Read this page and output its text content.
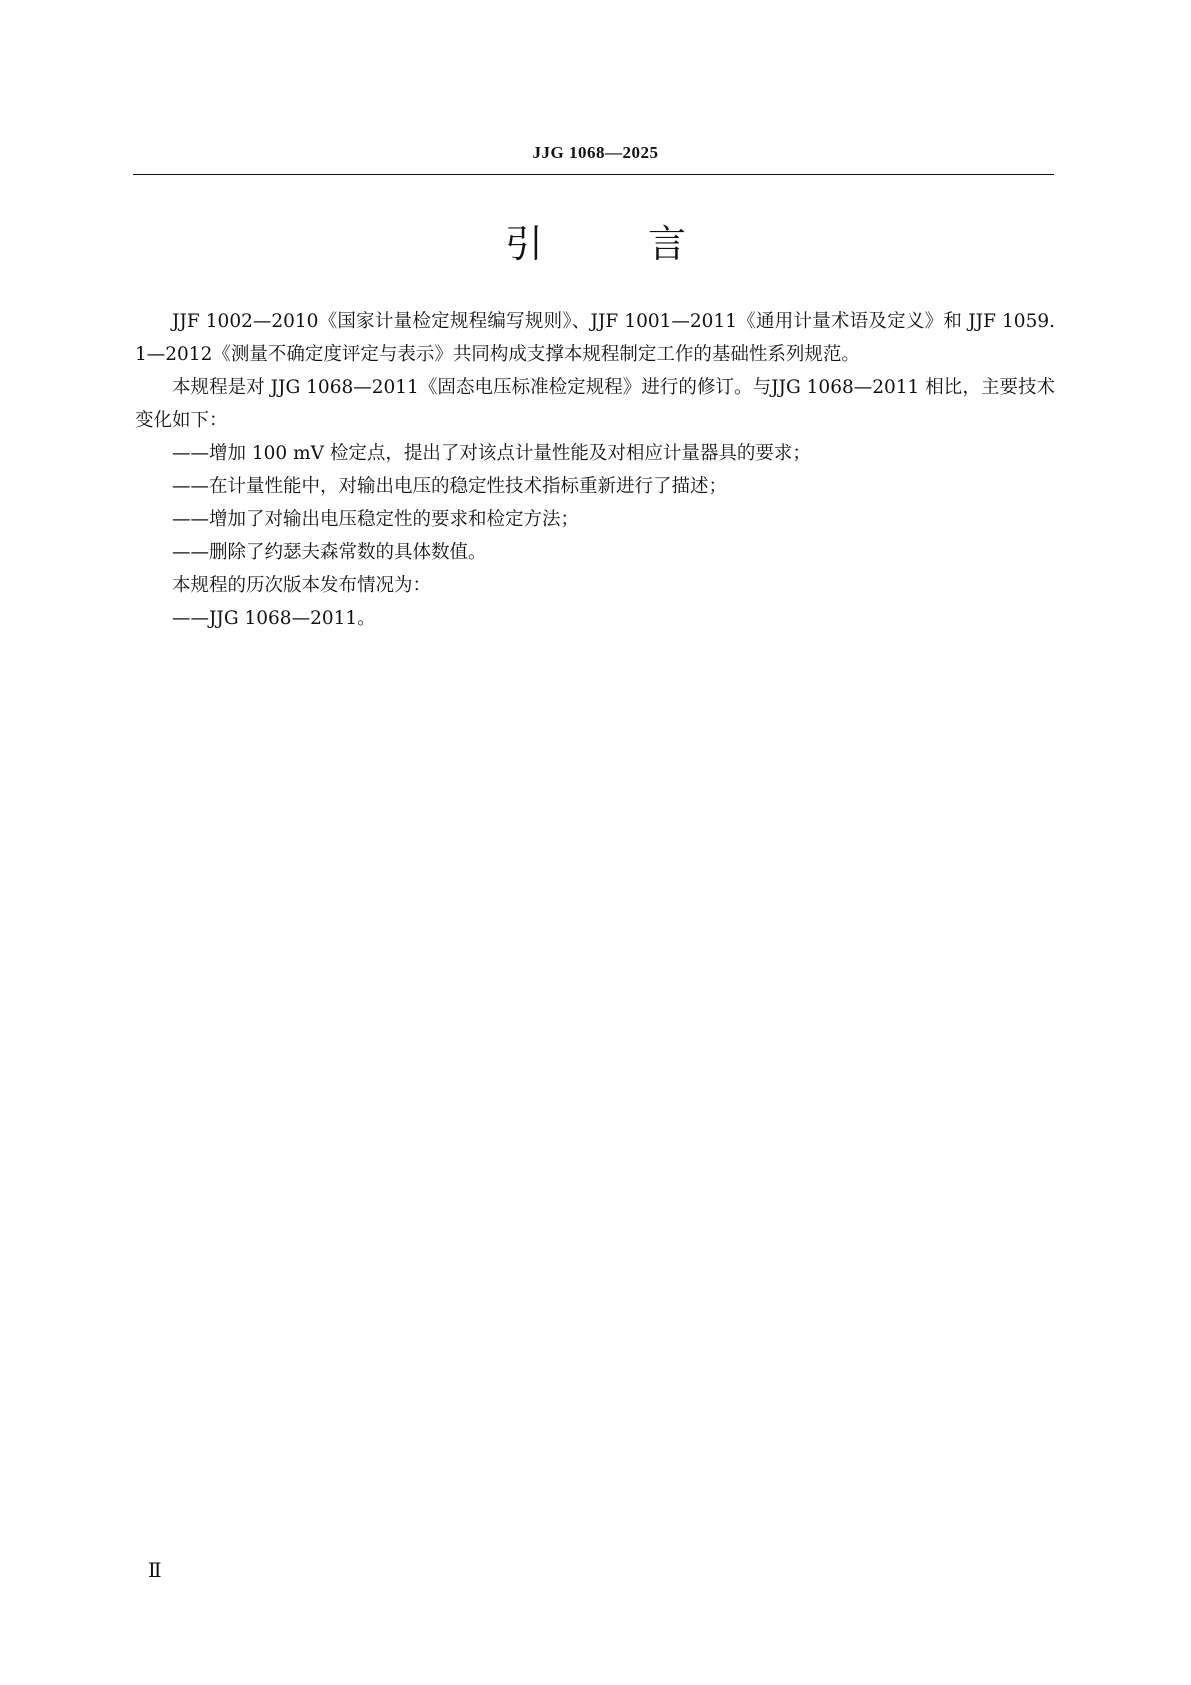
JJG 1068—2025
引	言

JJF 1002—2010《国家计量检定规程编写规则》、JJF 1001—2011《通用计量术语及定义》和 JJF 1059.1—2012《测量不确定度评定与表示》共同构成支撑本规程制定工作的基础性系列规范。

本规程是对 JJG 1068—2011《固态电压标准检定规程》进行的修订。与JJG 1068—2011 相比，主要技术变化如下：

——增加 100 mV 检定点，提出了对该点计量性能及对相应计量器具的要求；

——在计量性能中，对输出电压的稳定性技术指标重新进行了描述；

——增加了对输出电压稳定性的要求和检定方法；

——删除了约瑟夫森常数的具体数值。

本规程的历次版本发布情况为：

——JJG 1068—2011。

Ⅱ
